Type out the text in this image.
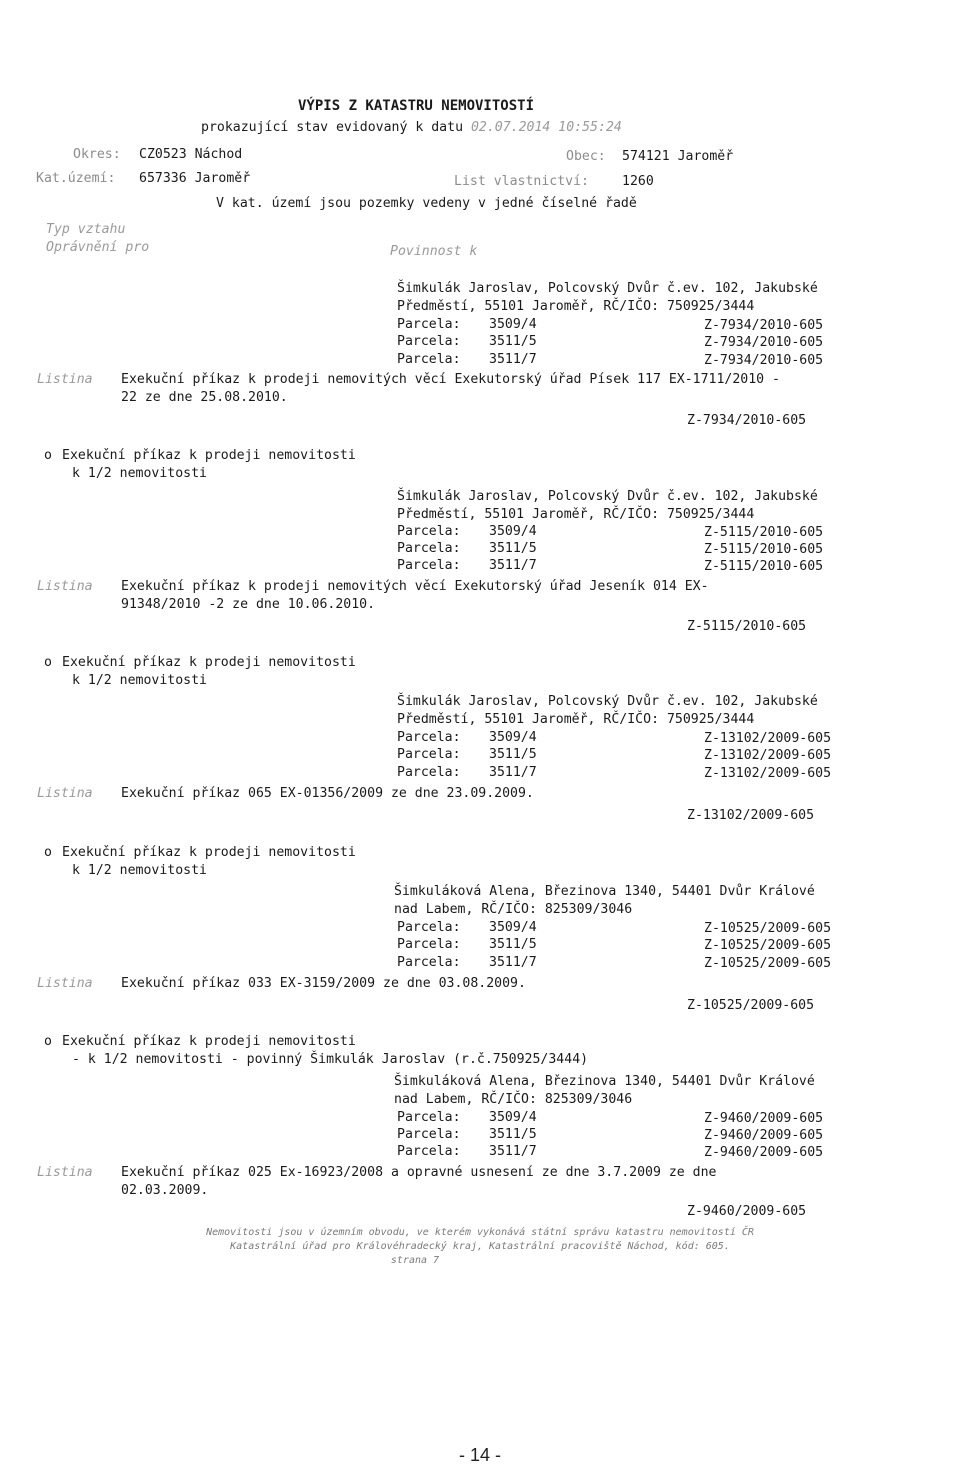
VÝPIS Z KATASTRU NEMOVITOSTÍ
prokazující stav evidovaný k datu 02.07.2014 10:55:24
Okres: CZ0523 Náchod	Obec: 574121 Jaroměř
Kat.území: 657336 Jaroměř	List vlastnictví:	1260
V kat. území jsou pozemky vedeny v jedné číselné řadě
Typ vztahu
Oprávnění pro	Povinnost k
Šimkulák Jaroslav, Polcovský Dvůr č.ev. 102, Jakubské
Předměstí, 55101 Jaroměř, RČ/IČO: 750925/3444
Parcela: 3509/4	Z-7934/2010-605
Parcela: 3511/5	Z-7934/2010-605
Parcela: 3511/7	Z-7934/2010-605
Listina Exekuční příkaz k prodeji nemovitých věcí Exekutorský úřad Písek 117 EX-1711/2010 -
22 ze dne 25.08.2010.
Z-7934/2010-605
o Exekuční příkaz k prodeji nemovitosti
k 1/2 nemovitosti
Šimkulák Jaroslav, Polcovský Dvůr č.ev. 102, Jakubské
Předměstí, 55101 Jaroměř, RČ/IČO: 750925/3444
Parcela: 3509/4	Z-5115/2010-605
Parcela: 3511/5	Z-5115/2010-605
Parcela: 3511/7	Z-5115/2010-605
Listina Exekuční příkaz k prodeji nemovitých věcí Exekutorský úřad Jeseník 014 EX-
91348/2010 -2 ze dne 10.06.2010.
Z-5115/2010-605
o Exekuční příkaz k prodeji nemovitosti
k 1/2 nemovitosti
Šimkulák Jaroslav, Polcovský Dvůr č.ev. 102, Jakubské
Předměstí, 55101 Jaroměř, RČ/IČO: 750925/3444
Parcela: 3509/4	Z-13102/2009-605
Parcela: 3511/5	Z-13102/2009-605
Parcela: 3511/7	Z-13102/2009-605
Listina Exekuční příkaz 065 EX-01356/2009 ze dne 23.09.2009.
Z-13102/2009-605
o Exekuční příkaz k prodeji nemovitosti
k 1/2 nemovitosti
Šimkuláková Alena, Březinova 1340, 54401 Dvůr Králové
nad Labem, RČ/IČO: 825309/3046
Parcela: 3509/4	Z-10525/2009-605
Parcela: 3511/5	Z-10525/2009-605
Parcela: 3511/7	Z-10525/2009-605
Listina Exekuční příkaz 033 EX-3159/2009 ze dne 03.08.2009.
Z-10525/2009-605
o Exekuční příkaz k prodeji nemovitosti
- k 1/2 nemovitosti - povinný Šimkulák Jaroslav (r.č.750925/3444)
Šimkuláková Alena, Březinova 1340, 54401 Dvůr Králové
nad Labem, RČ/IČO: 825309/3046
Parcela: 3509/4	Z-9460/2009-605
Parcela: 3511/5	Z-9460/2009-605
Parcela: 3511/7	Z-9460/2009-605
Listina Exekuční příkaz 025 Ex-16923/2008 a opravné usnesení ze dne 3.7.2009 ze dne
02.03.2009.
Z-9460/2009-605
Nemovitosti jsou v územním obvodu, ve kterém vykonává státní správu katastru nemovitostí ČR
Katastrální úřad pro Královéhradecký kraj, Katastrální pracoviště Náchod, kód: 605.
strana 7
- 14 -
